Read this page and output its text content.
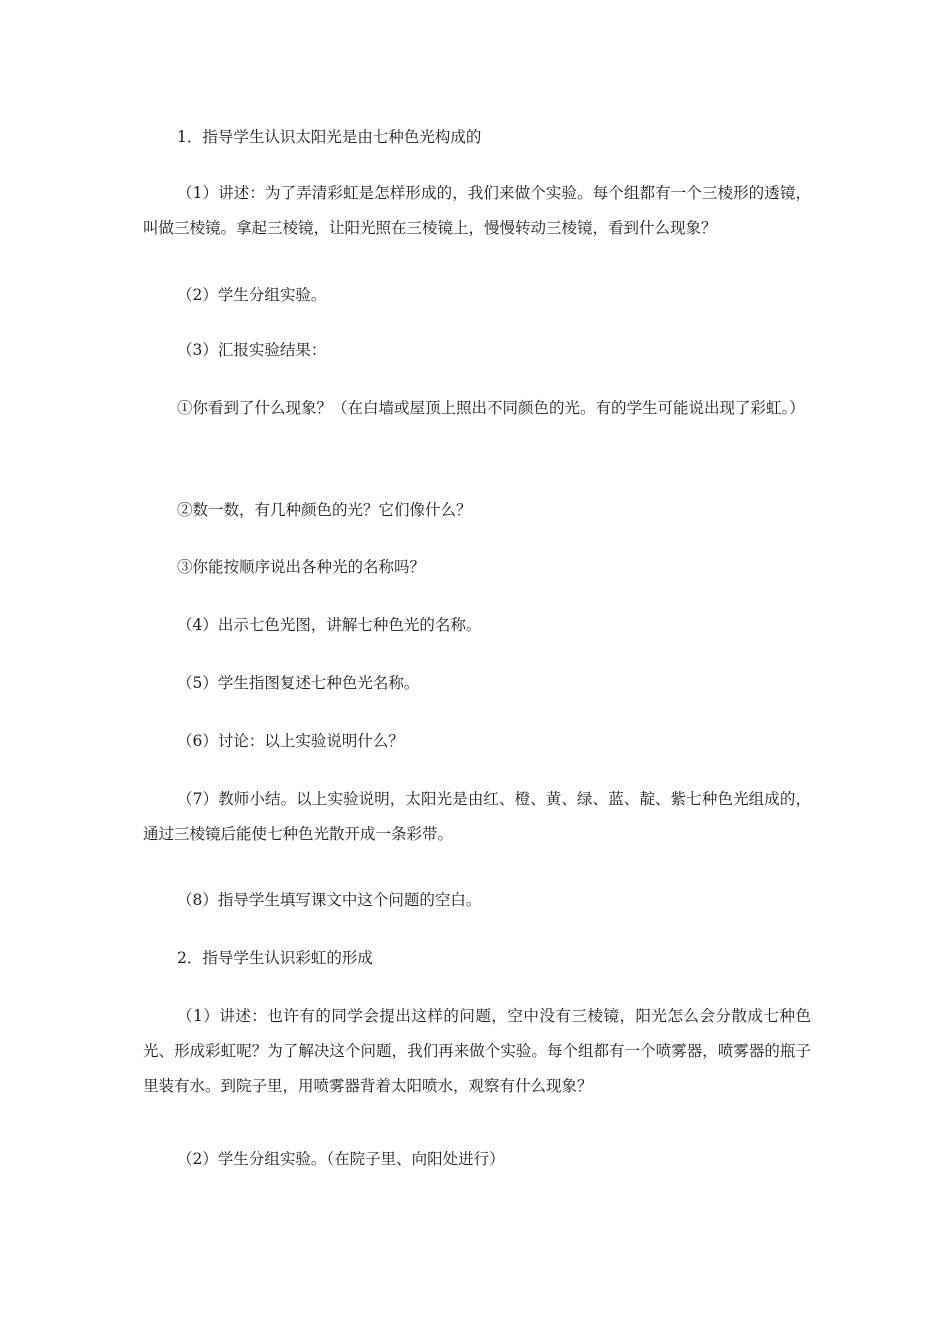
1．指导学生认识太阳光是由七种色光构成的

（1）讲述：为了弄清彩虹是怎样形成的，我们来做个实验。每个组都有一个三棱形的透镜，叫做三棱镜。拿起三棱镜，让阳光照在三棱镜上，慢慢转动三棱镜，看到什么现象？

（2）学生分组实验。

（3）汇报实验结果：

①你看到了什么现象？（在白墙或屋顶上照出不同颜色的光。有的学生可能说出现了彩虹。）

②数一数，有几种颜色的光？它们像什么？

③你能按顺序说出各种光的名称吗？

（4）出示七色光图，讲解七种色光的名称。

（5）学生指图复述七种色光名称。

（6）讨论：以上实验说明什么？

（7）教师小结。以上实验说明，太阳光是由红、橙、黄、绿、蓝、靛、紫七种色光组成的，通过三棱镜后能使七种色光散开成一条彩带。

（8）指导学生填写课文中这个问题的空白。

2．指导学生认识彩虹的形成

（1）讲述：也许有的同学会提出这样的问题，空中没有三棱镜，阳光怎么会分散成七种色光、形成彩虹呢？为了解决这个问题，我们再来做个实验。每个组都有一个喷雾器，喷雾器的瓶子里装有水。到院子里，用喷雾器背着太阳喷水，观察有什么现象？

（2）学生分组实验。（在院子里、向阳处进行）
